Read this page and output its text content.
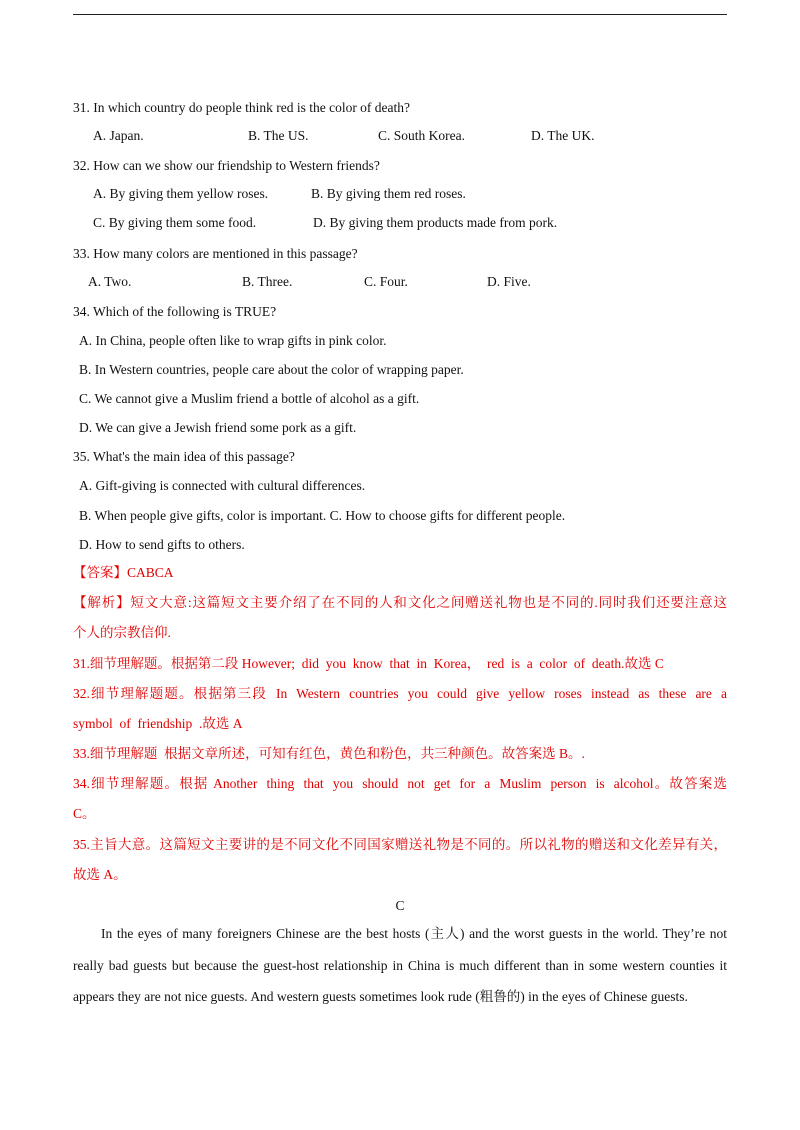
31. In which country do people think red is the color of death?
A. Japan.	B. The US.	C. South Korea.	D. The UK.
32. How can we show our friendship to Western friends?
A. By giving them yellow roses.	B. By giving them red roses.
C. By giving them some food.	D. By giving them products made from pork.
33. How many colors are mentioned in this passage?
A. Two.	B. Three.	C. Four.	D. Five.
34. Which of the following is TRUE?
A. In China, people often like to wrap gifts in pink color.
B. In Western countries, people care about the color of wrapping paper.
C. We cannot give a Muslim friend a bottle of alcohol as a gift.
D. We can give a Jewish friend some pork as a gift.
35. What's the main idea of this passage?
A. Gift-giving is connected with cultural differences.
B. When people give gifts, color is important. C. How to choose gifts for different people.
D. How to send gifts to others.
【答案】CABCA
【解析】短文大意:这篇短文主要介绍了在不同的人和文化之间赠送礼物也是不同的.同时我们还要注意这
个人的宗教信仰.
31.细节理解题。根据第二段 However;  did  you  know  that  in  Korea，  red  is  a  color  of  death.故选 C
32.细节理解题题。根据第三段  In  Western  countries  you  could  give  yellow  roses  instead  as  these  are  a
symbol  of  friendship  .故选 A
33.细节理解题  根据文章所述，可知有红色，黄色和粉色，共三种颜色。故答案选 B。.
34.细节理解题。根据 Another  thing  that  you  should  not  get  for  a  Muslim  person  is  alcohol。故答案选
C。
35.主旨大意。这篇短文主要讲的是不同文化不同国家赠送礼物是不同的。所以礼物的赠送和文化差异有关，
故选 A。
C
In the eyes of many foreigners Chinese are the best hosts (主人) and the worst guests in the world. They’re not
really bad guests but because the guest-host relationship in China is much different than in some western counties it
appears they are not nice guests. And western guests sometimes look rude (粗鲁的) in the eyes of Chinese guests.
